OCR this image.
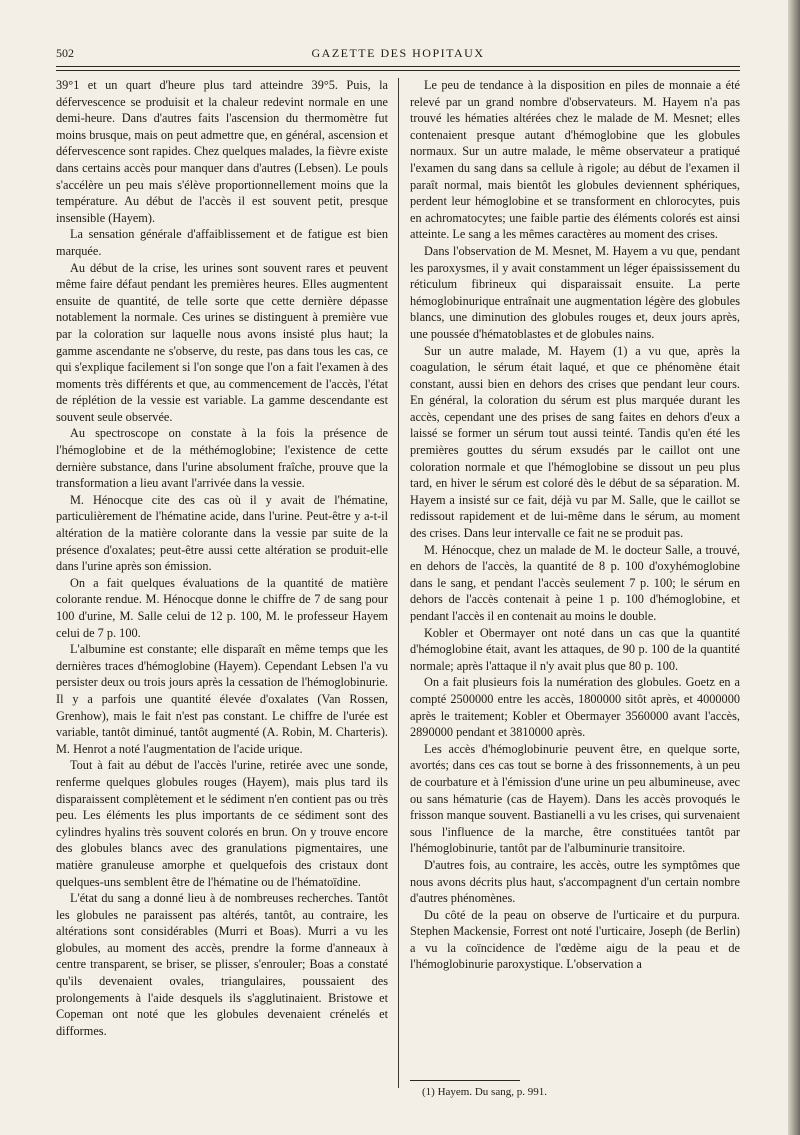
502	GAZETTE DES HOPITAUX

39°1 et un quart d'heure plus tard atteindre 39°5. Puis, la défervescence se produisit et la chaleur redevint normale en une demi-heure. Dans d'autres faits l'ascension du thermomètre fut moins brusque, mais on peut admettre que, en général, ascension et défervescence sont rapides. Chez quelques malades, la fièvre existe dans certains accès pour manquer dans d'autres (Lebsen). Le pouls s'accélère un peu mais s'élève proportionnellement moins que la température. Au début de l'accès il est souvent petit, presque insensible (Hayem).

La sensation générale d'affaiblissement et de fatigue est bien marquée.

Au début de la crise, les urines sont souvent rares et peuvent même faire défaut pendant les premières heures. Elles augmentent ensuite de quantité, de telle sorte que cette dernière dépasse notablement la normale. Ces urines se distinguent à première vue par la coloration sur laquelle nous avons insisté plus haut; la gamme ascendante ne s'observe, du reste, pas dans tous les cas, ce qui s'explique facilement si l'on songe que l'on a fait l'examen à des moments très différents et que, au commencement de l'accès, l'état de réplétion de la vessie est variable. La gamme descendante est souvent seule observée.

Au spectroscope on constate à la fois la présence de l'hémoglobine et de la méthémoglobine; l'existence de cette dernière substance, dans l'urine absolument fraîche, prouve que la transformation a lieu avant l'arrivée dans la vessie.

M. Hénocque cite des cas où il y avait de l'hématine, particulièrement de l'hématine acide, dans l'urine. Peut-être y a-t-il altération de la matière colorante dans la vessie par suite de la présence d'oxalates; peut-être aussi cette altération se produit-elle dans l'urine après son émission.

On a fait quelques évaluations de la quantité de matière colorante rendue. M. Hénocque donne le chiffre de 7 de sang pour 100 d'urine, M. Salle celui de 12 p. 100, M. le professeur Hayem celui de 7 p. 100.

L'albumine est constante; elle disparaît en même temps que les dernières traces d'hémoglobine (Hayem). Cependant Lebsen l'a vu persister deux ou trois jours après la cessation de l'hémoglobinurie. Il y a parfois une quantité élevée d'oxalates (Van Rossen, Grenhow), mais le fait n'est pas constant. Le chiffre de l'urée est variable, tantôt diminué, tantôt augmenté (A. Robin, M. Charteris). M. Henrot a noté l'augmentation de l'acide urique.

Tout à fait au début de l'accès l'urine, retirée avec une sonde, renferme quelques globules rouges (Hayem), mais plus tard ils disparaissent complètement et le sédiment n'en contient pas ou très peu. Les éléments les plus importants de ce sédiment sont des cylindres hyalins très souvent colorés en brun. On y trouve encore des globules blancs avec des granulations pigmentaires, une matière granuleuse amorphe et quelquefois des cristaux dont quelques-uns semblent être de l'hématine ou de l'hématoïdine.

L'état du sang a donné lieu à de nombreuses recherches. Tantôt les globules ne paraissent pas altérés, tantôt, au contraire, les altérations sont considérables (Murri et Boas). Murri a vu les globules, au moment des accès, prendre la forme d'anneaux à centre transparent, se briser, se plisser, s'enrouler; Boas a constaté qu'ils devenaient ovales, triangulaires, poussaient des prolongements à l'aide desquels ils s'agglutinaient. Bristowe et Copeman ont noté que les globules devenaient crénelés et difformes.

Le peu de tendance à la disposition en piles de monnaie a été relevé par un grand nombre d'observateurs. M. Hayem n'a pas trouvé les hématies altérées chez le malade de M. Mesnet; elles contenaient presque autant d'hémoglobine que les globules normaux. Sur un autre malade, le même observateur a pratiqué l'examen du sang dans sa cellule à rigole; au début de l'examen il paraît normal, mais bientôt les globules deviennent sphériques, perdent leur hémoglobine et se transforment en chlorocytes, puis en achromatocytes; une faible partie des éléments colorés est ainsi atteinte. Le sang a les mêmes caractères au moment des crises.

Dans l'observation de M. Mesnet, M. Hayem a vu que, pendant les paroxysmes, il y avait constamment un léger épaississement du réticulum fibrineux qui disparaissait ensuite. La perte hémoglobinurique entraînait une augmentation légère des globules blancs, une diminution des globules rouges et, deux jours après, une poussée d'hématoblastes et de globules nains.

Sur un autre malade, M. Hayem (1) a vu que, après la coagulation, le sérum était laqué, et que ce phénomène était constant, aussi bien en dehors des crises que pendant leur cours. En général, la coloration du sérum est plus marquée durant les accès, cependant une des prises de sang faites en dehors d'eux a laissé se former un sérum tout aussi teinté. Tandis qu'en été les premières gouttes du sérum exsudés par le caillot ont une coloration normale et que l'hémoglobine se dissout un peu plus tard, en hiver le sérum est coloré dès le début de sa séparation. M. Hayem a insisté sur ce fait, déjà vu par M. Salle, que le caillot se redissout rapidement et de lui-même dans le sérum, au moment des crises. Dans leur intervalle ce fait ne se produit pas.

M. Hénocque, chez un malade de M. le docteur Salle, a trouvé, en dehors de l'accès, la quantité de 8 p. 100 d'oxyhémoglobine dans le sang, et pendant l'accès seulement 7 p. 100; le sérum en dehors de l'accès contenait à peine 1 p. 100 d'hémoglobine, et pendant l'accès il en contenait au moins le double.

Kobler et Obermayer ont noté dans un cas que la quantité d'hémoglobine était, avant les attaques, de 90 p. 100 de la quantité normale; après l'attaque il n'y avait plus que 80 p. 100.

On a fait plusieurs fois la numération des globules. Goetz en a compté 2500000 entre les accès, 1800000 sitôt après, et 4000000 après le traitement; Kobler et Obermayer 3560000 avant l'accès, 2890000 pendant et 3810000 après.

Les accès d'hémoglobinurie peuvent être, en quelque sorte, avortés; dans ces cas tout se borne à des frissonnements, à un peu de courbature et à l'émission d'une urine un peu albumineuse, avec ou sans hématurie (cas de Hayem). Dans les accès provoqués le frisson manque souvent. Bastianelli a vu les crises, qui survenaient sous l'influence de la marche, être constituées tantôt par l'hémoglobinurie, tantôt par de l'albuminurie transitoire.

D'autres fois, au contraire, les accès, outre les symptômes que nous avons décrits plus haut, s'accompagnent d'un certain nombre d'autres phénomènes.

Du côté de la peau on observe de l'urticaire et du purpura. Stephen Mackensie, Forrest ont noté l'urticaire, Joseph (de Berlin) a vu la coïncidence de l'œdème aigu de la peau et de l'hémoglobinurie paroxystique. L'observation a

(1) Hayem. Du sang, p. 991.
